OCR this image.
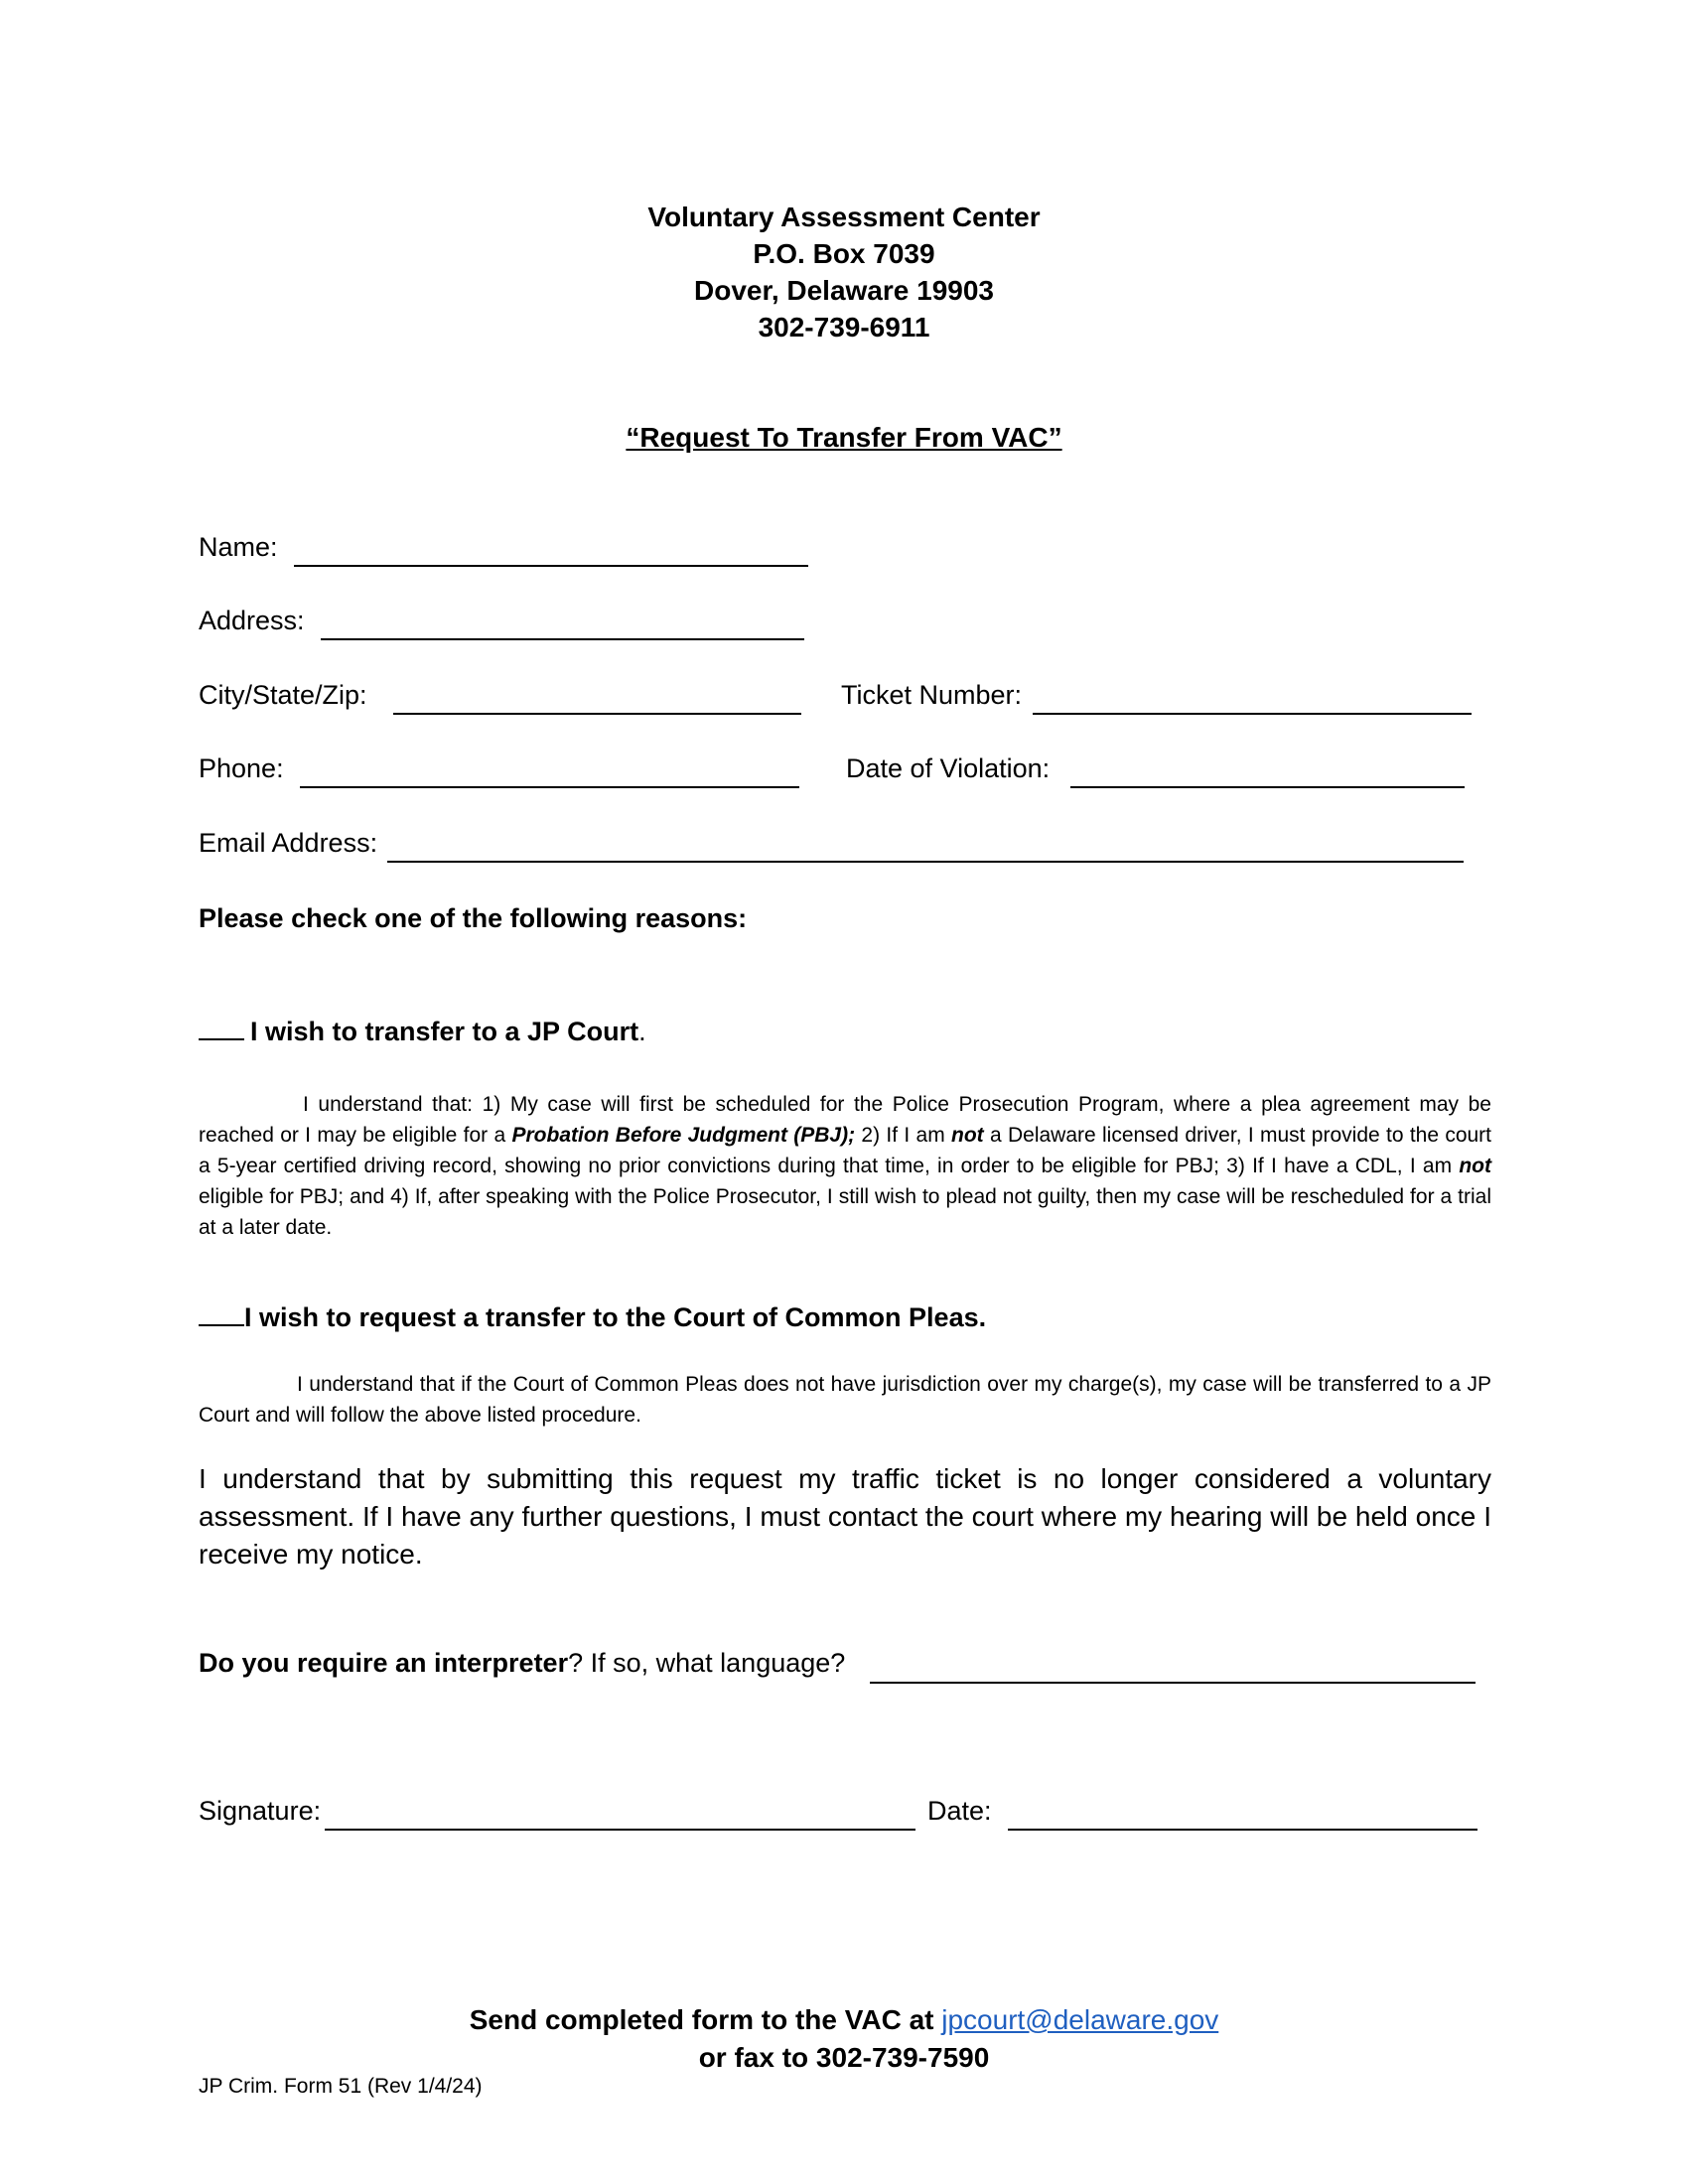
Voluntary Assessment Center
P.O. Box 7039
Dover, Delaware 19903
302-739-6911
“Request To Transfer From VAC”
Name:
Address:
City/State/Zip:	Ticket Number:
Phone:	Date of Violation:
Email Address:
Please check one of the following reasons:
I wish to transfer to a JP Court.
I understand that: 1) My case will first be scheduled for the Police Prosecution Program, where a plea agreement may be reached or I may be eligible for a Probation Before Judgment (PBJ); 2) If I am not a Delaware licensed driver, I must provide to the court a 5-year certified driving record, showing no prior convictions during that time, in order to be eligible for PBJ; 3) If I have a CDL, I am not eligible for PBJ; and 4) If, after speaking with the Police Prosecutor, I still wish to plead not guilty, then my case will be rescheduled for a trial at a later date.
I wish to request a transfer to the Court of Common Pleas.
I understand that if the Court of Common Pleas does not have jurisdiction over my charge(s), my case will be transferred to a JP Court and will follow the above listed procedure.
I understand that by submitting this request my traffic ticket is no longer considered a voluntary assessment. If I have any further questions, I must contact the court where my hearing will be held once I receive my notice.
Do you require an interpreter? If so, what language?
Signature:	Date:
Send completed form to the VAC at jpcourt@delaware.gov
or fax to 302-739-7590
JP Crim. Form 51 (Rev 1/4/24)
